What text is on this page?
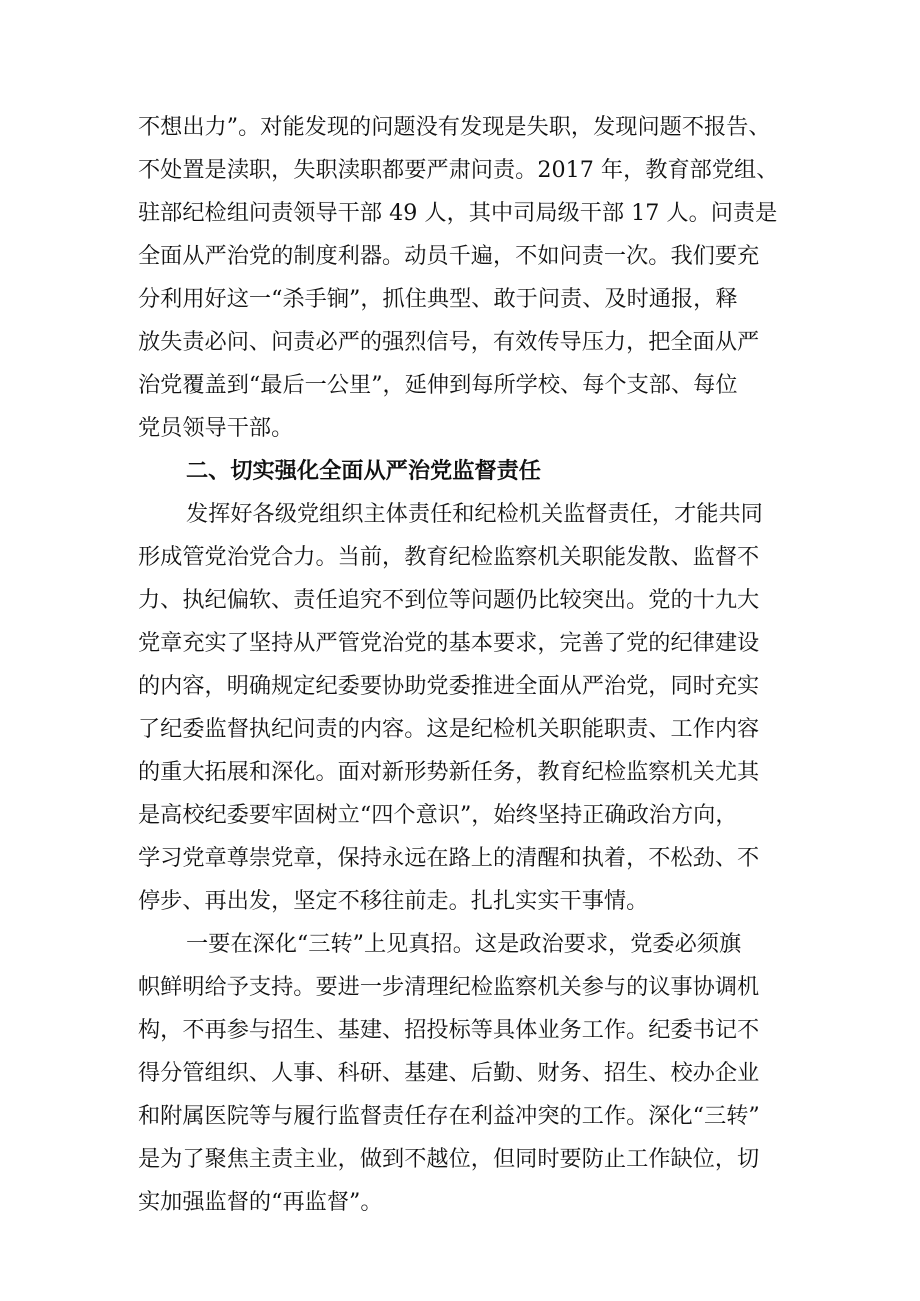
不想出力”。对能发现的问题没有发现是失职，发现问题不报告、

不处置是渎职，失职渎职都要严肃问责。2017 年，教育部党组、

驻部纪检组问责领导干部 49 人，其中司局级干部 17 人。问责是

全面从严治党的制度利器。动员千遍，不如问责一次。我们要充

分利用好这一“杀手锏”，抓住典型、敢于问责、及时通报，释

放失责必问、问责必严的强烈信号，有效传导压力，把全面从严

治党覆盖到“最后一公里”，延伸到每所学校、每个支部、每位

党员领导干部。

二、切实强化全面从严治党监督责任

发挥好各级党组织主体责任和纪检机关监督责任，才能共同

形成管党治党合力。当前，教育纪检监察机关职能发散、监督不

力、执纪偏软、责任追究不到位等问题仍比较突出。党的十九大

党章充实了坚持从严管党治党的基本要求，完善了党的纪律建设

的内容，明确规定纪委要协助党委推进全面从严治党，同时充实

了纪委监督执纪问责的内容。这是纪检机关职能职责、工作内容

的重大拓展和深化。面对新形势新任务，教育纪检监察机关尤其

是高校纪委要牢固树立“四个意识”，始终坚持正确政治方向，

学习党章尊崇党章，保持永远在路上的清醒和执着，不松劲、不

停步、再出发，坚定不移往前走。扎扎实实干事情。

一要在深化“三转”上见真招。这是政治要求，党委必须旗

帜鲜明给予支持。要进一步清理纪检监察机关参与的议事协调机

构，不再参与招生、基建、招投标等具体业务工作。纪委书记不

得分管组织、人事、科研、基建、后勤、财务、招生、校办企业

和附属医院等与履行监督责任存在利益冲突的工作。深化“三转”

是为了聚焦主责主业，做到不越位，但同时要防止工作缺位，切

实加强监督的“再监督”。
